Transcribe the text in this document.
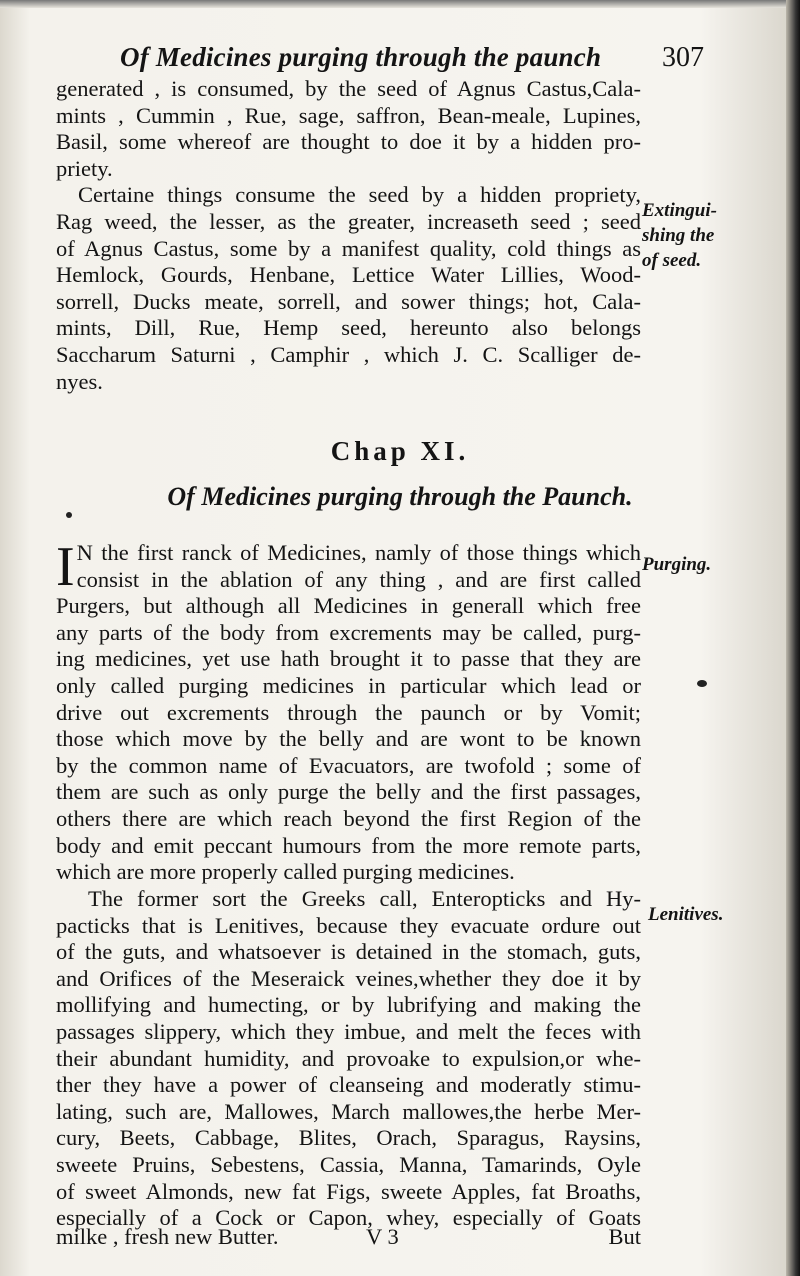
Of Medicines purging through the paunch 307
generated , is consumed, by the seed of Agnus Castus,Cala-
mints , Cummin , Rue, sage, saffron, Bean-meale, Lupines,
Basil, some whereof are thought to doe it by a hidden pro-
priety.
Certaine things consume the seed by a hidden propriety,
Rag weed, the lesser, as the greater, increaseth seed ; seed
of Agnus Castus, some by a manifest quality, cold things as
Hemlock, Gourds, Henbane, Lettice Water Lillies, Wood-
sorrell, Ducks meate, sorrell, and sower things; hot, Cala-
mints, Dill, Rue, Hemp seed, hereunto also belongs
Saccharum Saturni , Camphir , which J. C. Scalliger de-
nyes.
Extingui-
shing the
of seed.
Chap XI.
Of Medicines purging through the Paunch.
I N the first ranck of Medicines, namly of those things which
consist in the ablation of any thing , and are first called
Purgers, but although all Medicines in generall which free
any parts of the body from excrements may be called, purg-
ing medicines, yet use hath brought it to passe that they are
only called purging medicines in particular which lead or
drive out excrements through the paunch or by Vomit;
those which move by the belly and are wont to be known
by the common name of Evacuators, are twofold ; some of
them are such as only purge the belly and the first passages,
others there are which reach beyond the first Region of the
body and emit peccant humours from the more remote parts,
which are more properly called purging medicines.
Purging.
The former sort the Greeks call, Enteropticks and Hy-
pacticks that is Lenitives, because they evacuate ordure out
of the guts, and whatsoever is detained in the stomach, guts,
and Orifices of the Meseraick veines,whether they doe it by
mollifying and humecting, or by lubrifying and making the
passages slippery, which they imbue, and melt the feces with
their abundant humidity, and provoake to expulsion,or whe-
ther they have a power of cleanseing and moderatly stimu-
lating, such are, Mallowes, March mallowes,the herbe Mer-
cury, Beets, Cabbage, Blites, Orach, Sparagus, Raysins,
sweete Pruins, Sebestens, Cassia, Manna, Tamarinds, Oyle
of sweet Almonds, new fat Figs, sweete Apples, fat Broaths,
especially of a Cock or Capon, whey, especially of Goats
Lenitives.
milke , fresh new Butter.	V 3	But
